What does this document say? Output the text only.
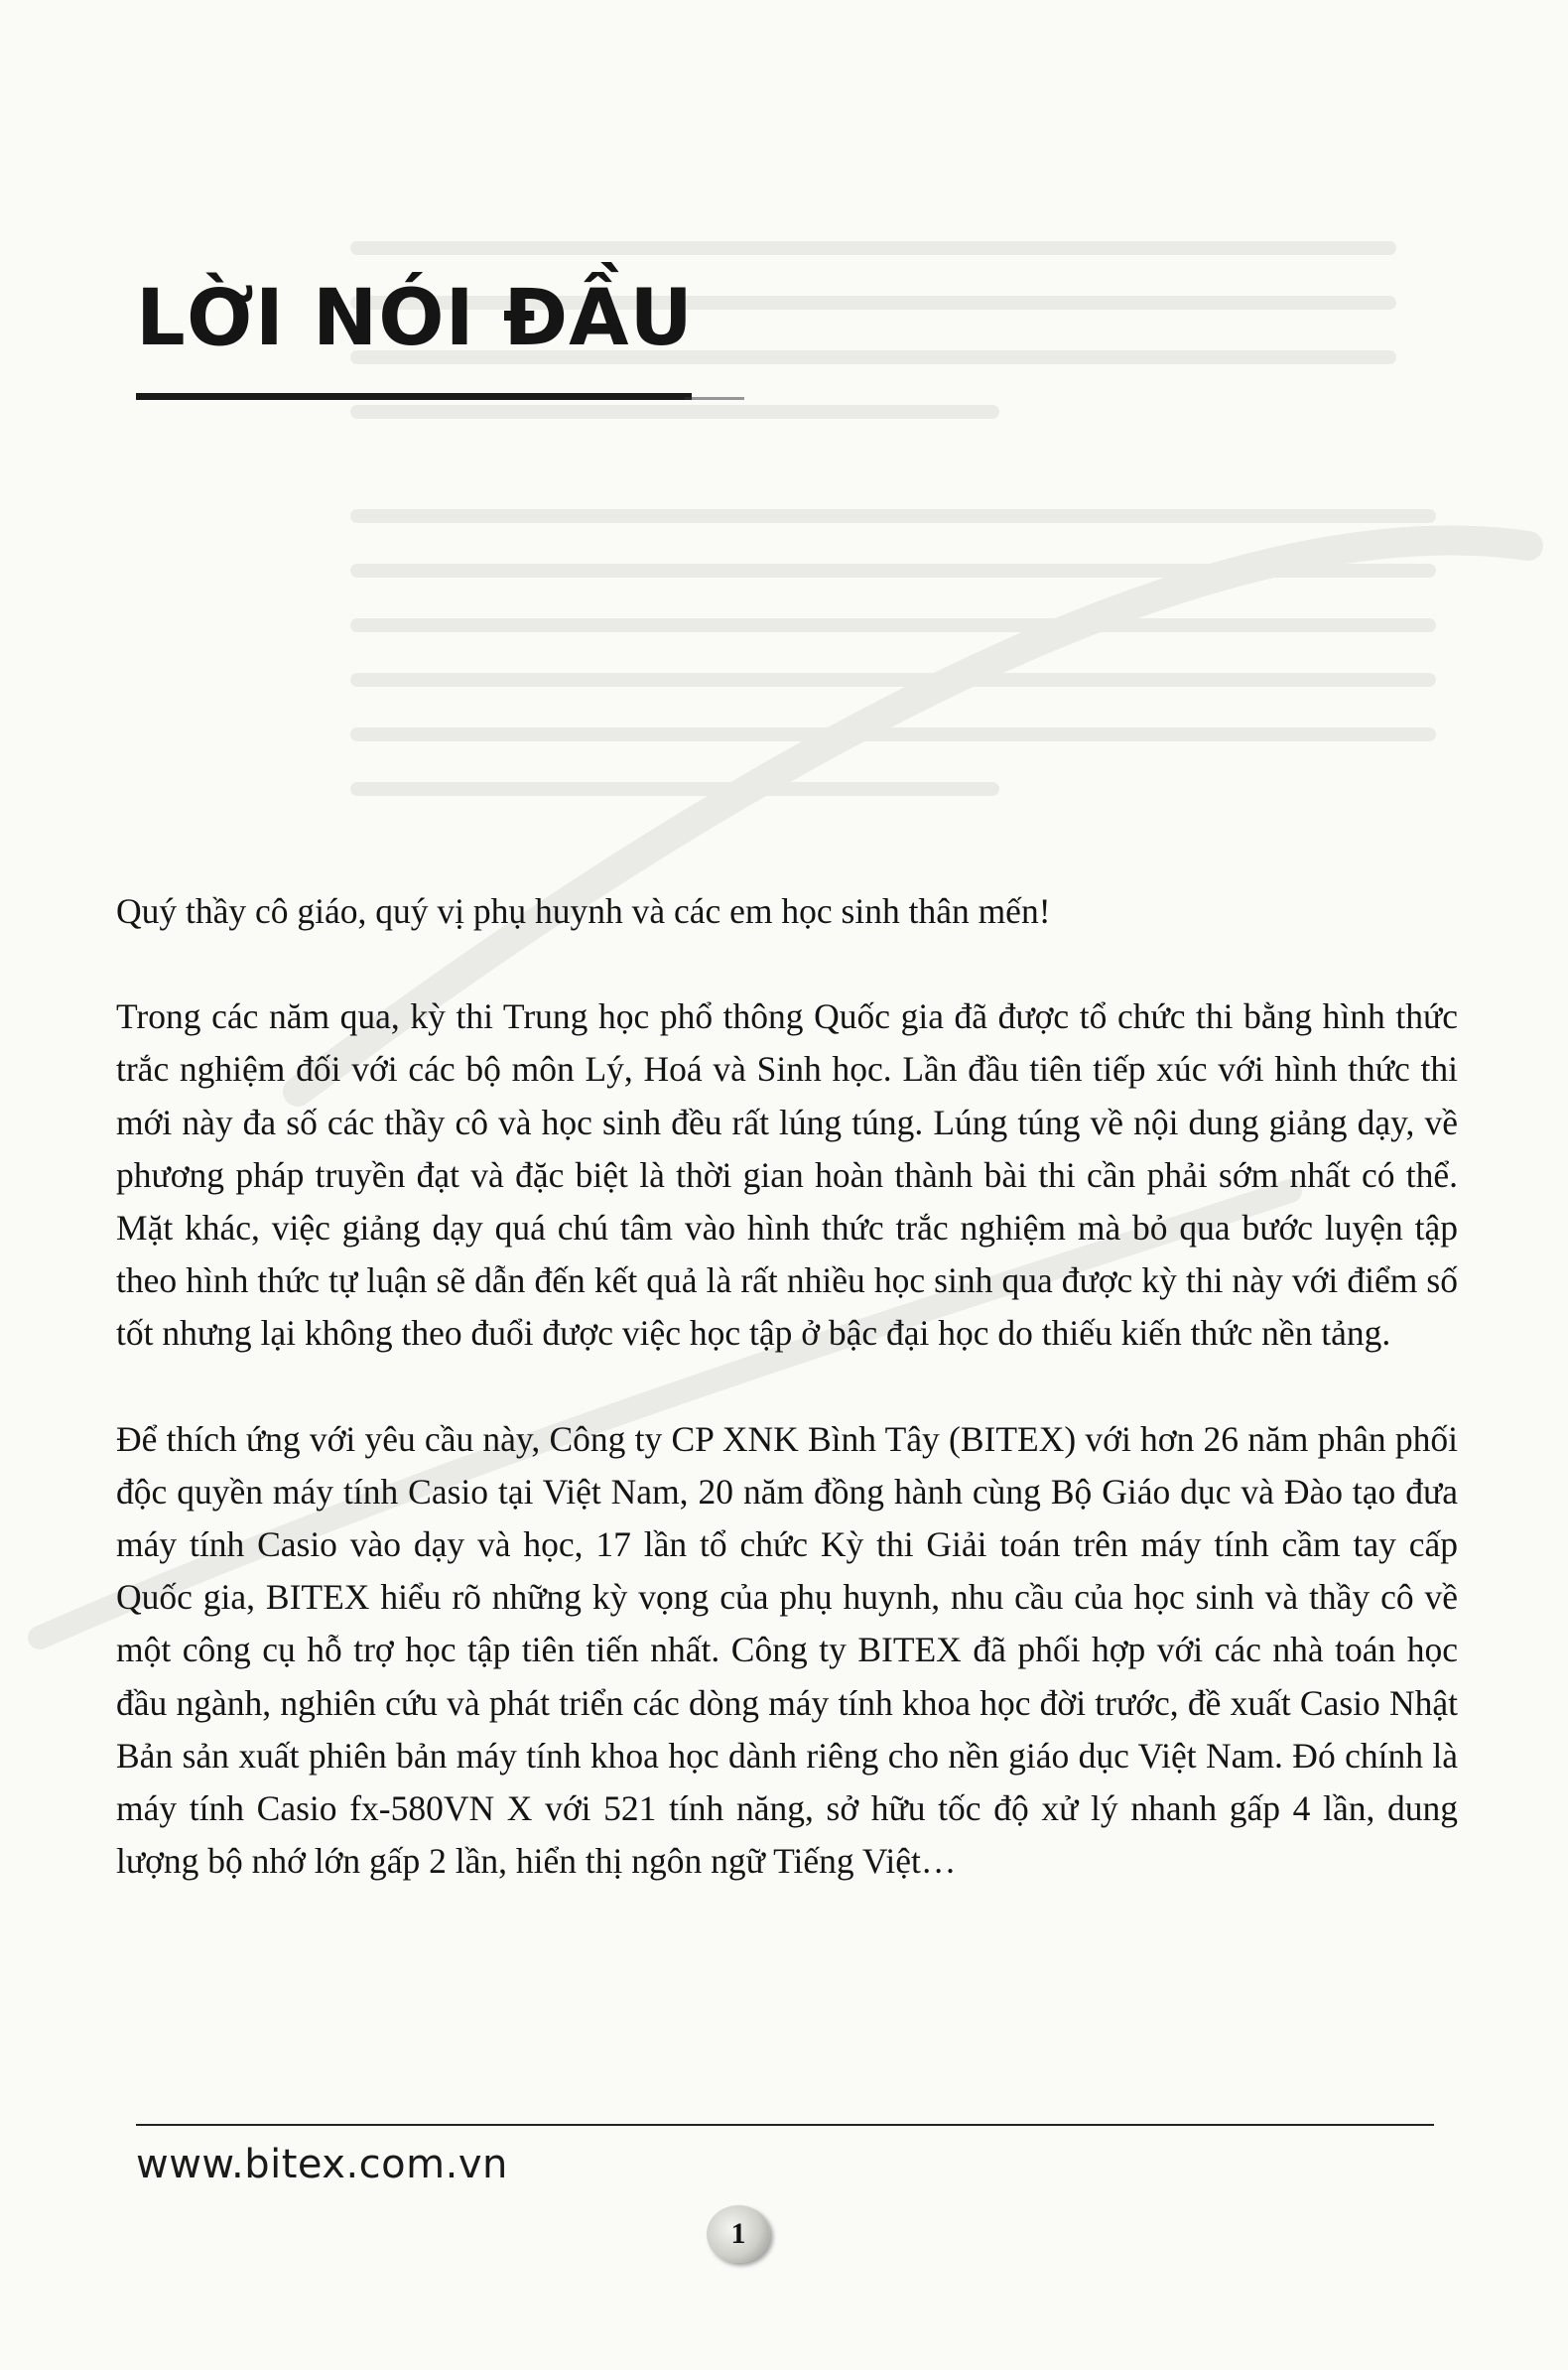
LỜI NÓI ĐẦU

Quý thầy cô giáo, quý vị phụ huynh và các em học sinh thân mến!

Trong các năm qua, kỳ thi Trung học phổ thông Quốc gia đã được tổ chức thi bằng hình thức trắc nghiệm đối với các bộ môn Lý, Hoá và Sinh học. Lần đầu tiên tiếp xúc với hình thức thi mới này đa số các thầy cô và học sinh đều rất lúng túng. Lúng túng về nội dung giảng dạy, về phương pháp truyền đạt và đặc biệt là thời gian hoàn thành bài thi cần phải sớm nhất có thể. Mặt khác, việc giảng dạy quá chú tâm vào hình thức trắc nghiệm mà bỏ qua bước luyện tập theo hình thức tự luận sẽ dẫn đến kết quả là rất nhiều học sinh qua được kỳ thi này với điểm số tốt nhưng lại không theo đuổi được việc học tập ở bậc đại học do thiếu kiến thức nền tảng.

Để thích ứng với yêu cầu này, Công ty CP XNK Bình Tây (BITEX) với hơn 26 năm phân phối độc quyền máy tính Casio tại Việt Nam, 20 năm đồng hành cùng Bộ Giáo dục và Đào tạo đưa máy tính Casio vào dạy và học, 17 lần tổ chức Kỳ thi Giải toán trên máy tính cầm tay cấp Quốc gia, BITEX hiểu rõ những kỳ vọng của phụ huynh, nhu cầu của học sinh và thầy cô về một công cụ hỗ trợ học tập tiên tiến nhất. Công ty BITEX đã phối hợp với các nhà toán học đầu ngành, nghiên cứu và phát triển các dòng máy tính khoa học đời trước, đề xuất Casio Nhật Bản sản xuất phiên bản máy tính khoa học dành riêng cho nền giáo dục Việt Nam. Đó chính là máy tính Casio fx-580VN X với 521 tính năng, sở hữu tốc độ xử lý nhanh gấp 4 lần, dung lượng bộ nhớ lớn gấp 2 lần, hiển thị ngôn ngữ Tiếng Việt…

www.bitex.com.vn
1
